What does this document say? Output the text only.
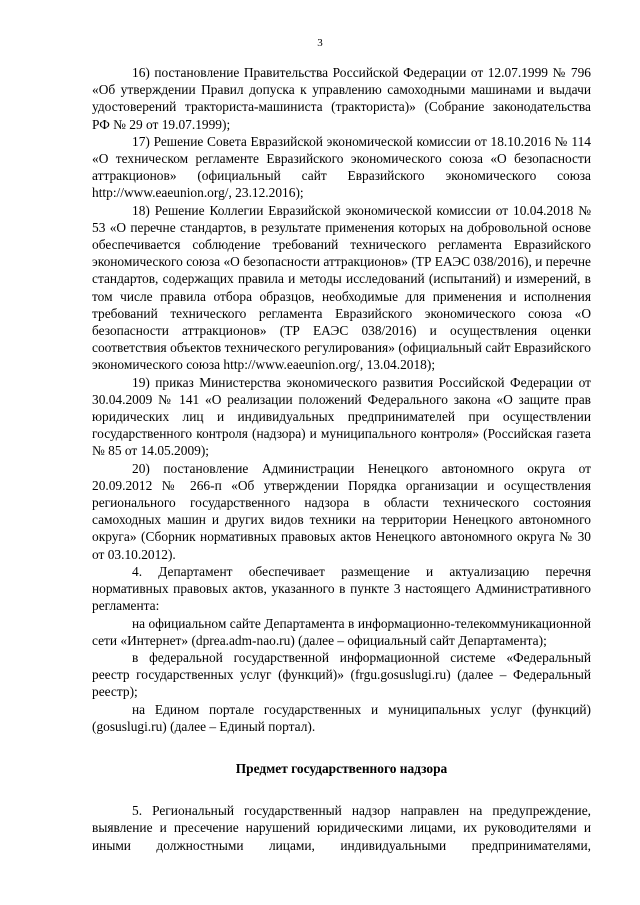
3

16) постановление Правительства Российской Федерации от 12.07.1999 № 796 «Об утверждении Правил допуска к управлению самоходными машинами и выдачи удостоверений тракториста-машиниста (тракториста)» (Собрание законодательства РФ № 29 от 19.07.1999);

17) Решение Совета Евразийской экономической комиссии от 18.10.2016 № 114 «О техническом регламенте Евразийского экономического союза «О безопасности аттракционов» (официальный сайт Евразийского экономического союза http://www.eaeunion.org/, 23.12.2016);

18) Решение Коллегии Евразийской экономической комиссии от 10.04.2018 № 53 «О перечне стандартов, в результате применения которых на добровольной основе обеспечивается соблюдение требований технического регламента Евразийского экономического союза «О безопасности аттракционов» (ТР ЕАЭС 038/2016), и перечне стандартов, содержащих правила и методы исследований (испытаний) и измерений, в том числе правила отбора образцов, необходимые для применения и исполнения требований технического регламента Евразийского экономического союза «О безопасности аттракционов» (ТР ЕАЭС 038/2016) и осуществления оценки соответствия объектов технического регулирования» (официальный сайт Евразийского экономического союза http://www.eaeunion.org/, 13.04.2018);

19) приказ Министерства экономического развития Российской Федерации от 30.04.2009 № 141 «О реализации положений Федерального закона «О защите прав юридических лиц и индивидуальных предпринимателей при осуществлении государственного контроля (надзора) и муниципального контроля» (Российская газета № 85 от 14.05.2009);

20) постановление Администрации Ненецкого автономного округа от 20.09.2012 № 266-п «Об утверждении Порядка организации и осуществления регионального государственного надзора в области технического состояния самоходных машин и других видов техники на территории Ненецкого автономного округа» (Сборник нормативных правовых актов Ненецкого автономного округа № 30 от 03.10.2012).

4. Департамент обеспечивает размещение и актуализацию перечня нормативных правовых актов, указанного в пункте 3 настоящего Административного регламента:

на официальном сайте Департамента в информационно-телекоммуникационной сети «Интернет» (dprea.adm-nao.ru) (далее – официальный сайт Департамента);

в федеральной государственной информационной системе «Федеральный реестр государственных услуг (функций)» (frgu.gosuslugi.ru) (далее – Федеральный реестр);

на Едином портале государственных и муниципальных услуг (функций) (gosuslugi.ru) (далее – Единый портал).

Предмет государственного надзора

5. Региональный государственный надзор направлен на предупреждение, выявление и пресечение нарушений юридическими лицами, их руководителями и иными должностными лицами, индивидуальными предпринимателями,
